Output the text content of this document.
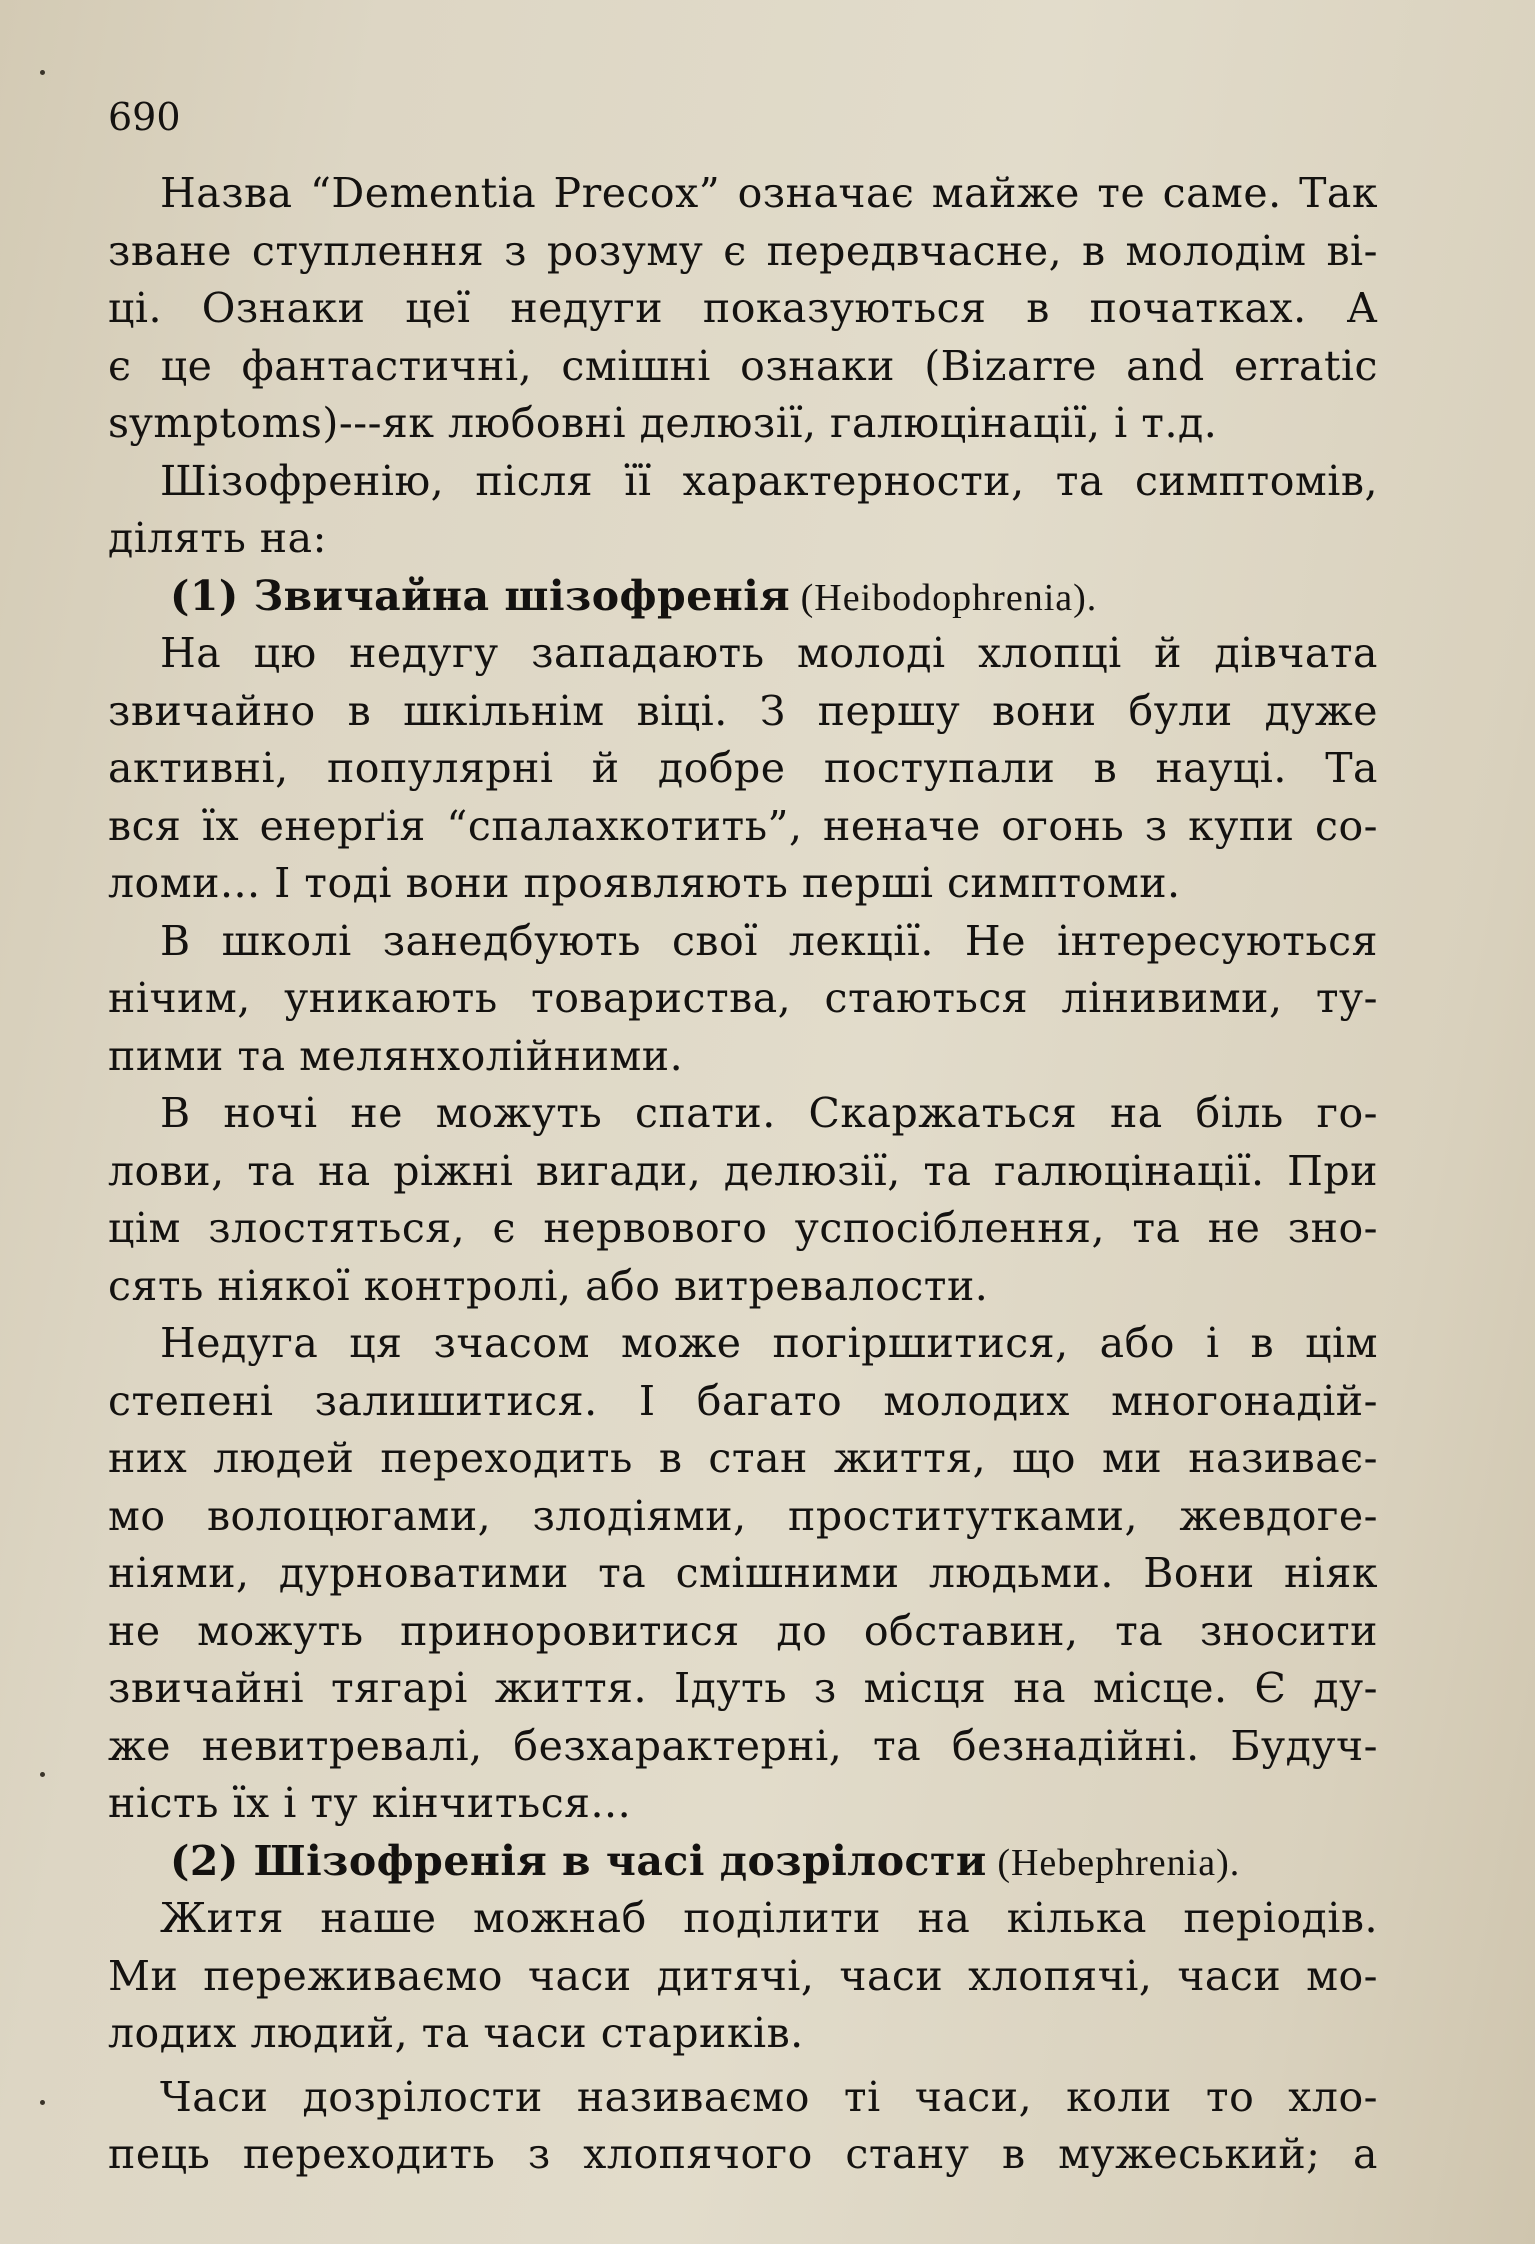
690
Назва “Dementia Precox” означає майже те саме. Так
зване ступлення з розуму є передвчасне, в молодім ві-
ці. Ознаки цеї недуги показуються в початках. А
є це фантастичні, смішні ознаки (Bizarre and erratic
symptoms)---як любовні делюзії, галюцінації, і т.д.
Шізофренію, після її характерности, та симптомів,
ділять на:
(1) Звичайна шізофренія (Heibodophrenia).
На цю недугу западають молоді хлопці й дівчата
звичайно в шкільнім віці. З першу вони були дуже
активні, популярні й добре поступали в науці. Та
вся їх енерґія “спалахкотить”, неначе огонь з купи со-
ломи... І тоді вони проявляють перші симптоми.
В школі занедбують свої лекції. Не інтересуються
нічим, уникають товариства, стаються лінивими, ту-
пими та мелянхолійними.
В ночі не можуть спати. Скаржаться на біль го-
лови, та на ріжні вигади, делюзії, та галюцінації. При
цім злостяться, є нервового успосіблення, та не зно-
сять ніякої контролі, або витревалости.
Недуга ця зчасом може погіршитися, або і в цім
степені залишитися. І багато молодих многонадій-
них людей переходить в стан життя, що ми називає-
мо волоцюгами, злодіями, проститутками, жевдоге-
ніями, дурноватими та смішними людьми. Вони ніяк
не можуть приноровитися до обставин, та зносити
звичайні тягарі життя. Ідуть з місця на місце. Є ду-
же невитревалі, безхарактерні, та безнадійні. Будуч-
ність їх і ту кінчиться...
(2) Шізофренія в часі дозрілости (Hebephrenia).
Житя наше можнаб поділити на кілька періодів.
Ми переживаємо часи дитячі, часи хлопячі, часи мо-
лодих людий, та часи стариків.
Часи дозрілости називаємо ті часи, коли то хло-
пець переходить з хлопячого стану в мужеський; а
